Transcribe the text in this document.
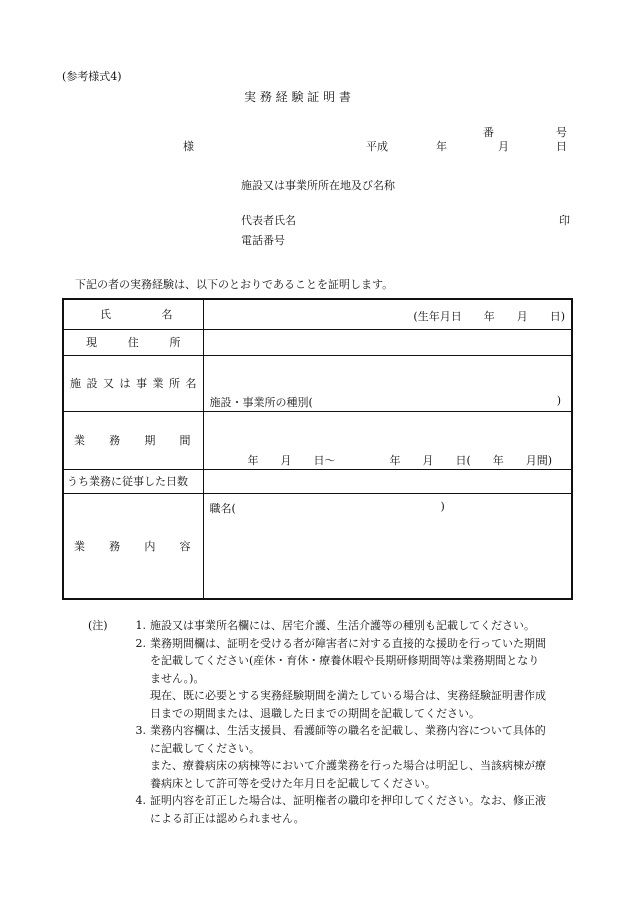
(参考様式4)
実 務 経 験 証 明 書
番	号
様	平成	年	月	日
施設又は事業所所在地及び名称
代表者氏名	印
電話番号
下記の者の実務経験は、以下のとおりであることを証明します。
氏名	(生年月日　　年　　月　　日)

現住所	

施設又は事業所名	施設・事業所の種別( )

業務期間	年　　月　　日～ 年　　月　　日(　　年　　月間)

うち業務に従事した日数	

業務内容	職名( )
(注)	1. 施設又は事業所名欄には、居宅介護、生活介護等の種別も記載してください。
2. 業務期間欄は、証明を受ける者が障害者に対する直接的な援助を行っていた期間
を記載してください(産休・育休・療養休暇や長期研修期間等は業務期間となり
ません。)。
現在、既に必要とする実務経験期間を満たしている場合は、実務経験証明書作成
日までの期間または、退職した日までの期間を記載してください。
3. 業務内容欄は、生活支援員、看護師等の職名を記載し、業務内容について具体的
に記載してください。
また、療養病床の病棟等において介護業務を行った場合は明記し、当該病棟が療
養病床として許可等を受けた年月日を記載してください。
4. 証明内容を訂正した場合は、証明権者の職印を押印してください。なお、修正液
による訂正は認められません。
